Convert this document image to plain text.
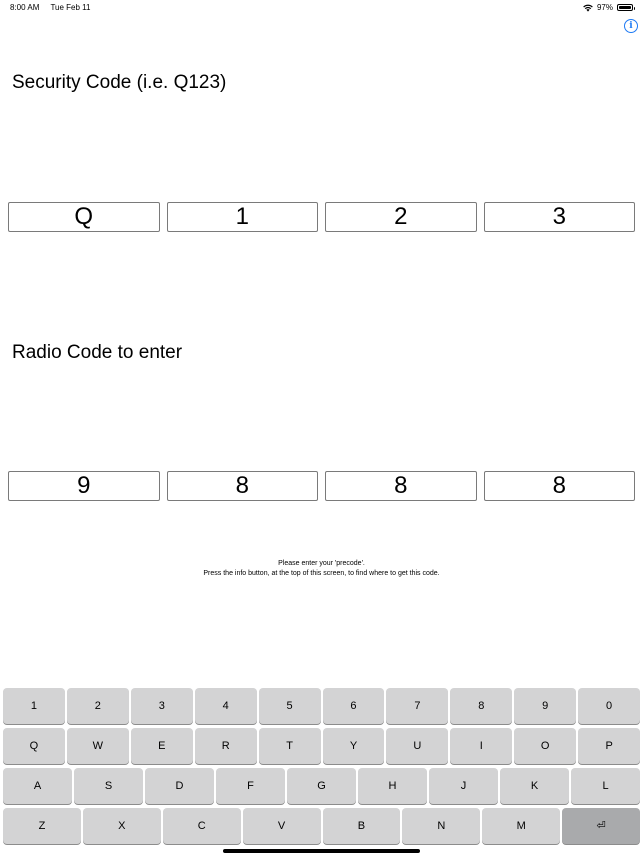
8:00 AM Tue Feb 11	97%
i
Security Code (i.e. Q123)
Q	1	2	3
Radio Code to enter
9	8	8	8
Please enter your 'precode'.
Press the info button, at the top of this screen, to find where to get this code.
1	2	3	4	5	6	7	8	9	0
Q	W	E	R	T	Y	U	I	O	P
A	S	D	F	G	H	J	K	L
Z	X	C	V	B	N	M	⏎
